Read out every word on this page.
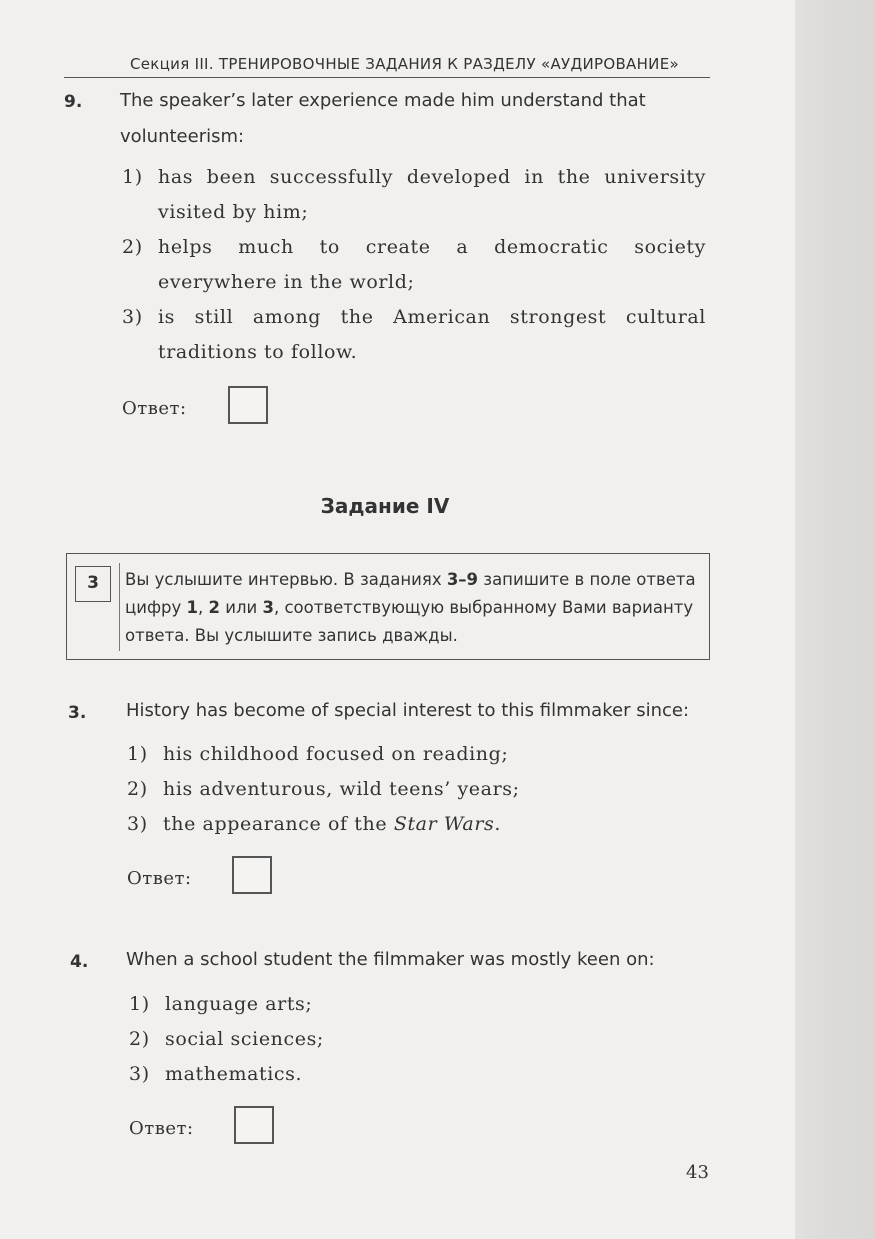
Секция III. ТРЕНИРОВОЧНЫЕ ЗАДАНИЯ К РАЗДЕЛУ «АУДИРОВАНИЕ»
9. The speaker’s later experience made him understand that volunteerism:
1) has been successfully developed in the university visited by him;
2) helps much to create a democratic society everywhere in the world;
3) is still among the American strongest cultural traditions to follow.
Ответ:
Задание IV
3	Вы услышите интервью. В заданиях 3–9 запишите в поле ответа цифру 1, 2 или 3, соответствующую выбранному Вами варианту ответа. Вы услышите запись дважды.
3. History has become of special interest to this filmmaker since:
1) his childhood focused on reading;
2) his adventurous, wild teens’ years;
3) the appearance of the Star Wars.
Ответ:
4. When a school student the filmmaker was mostly keen on:
1) language arts;
2) social sciences;
3) mathematics.
Ответ:
43
